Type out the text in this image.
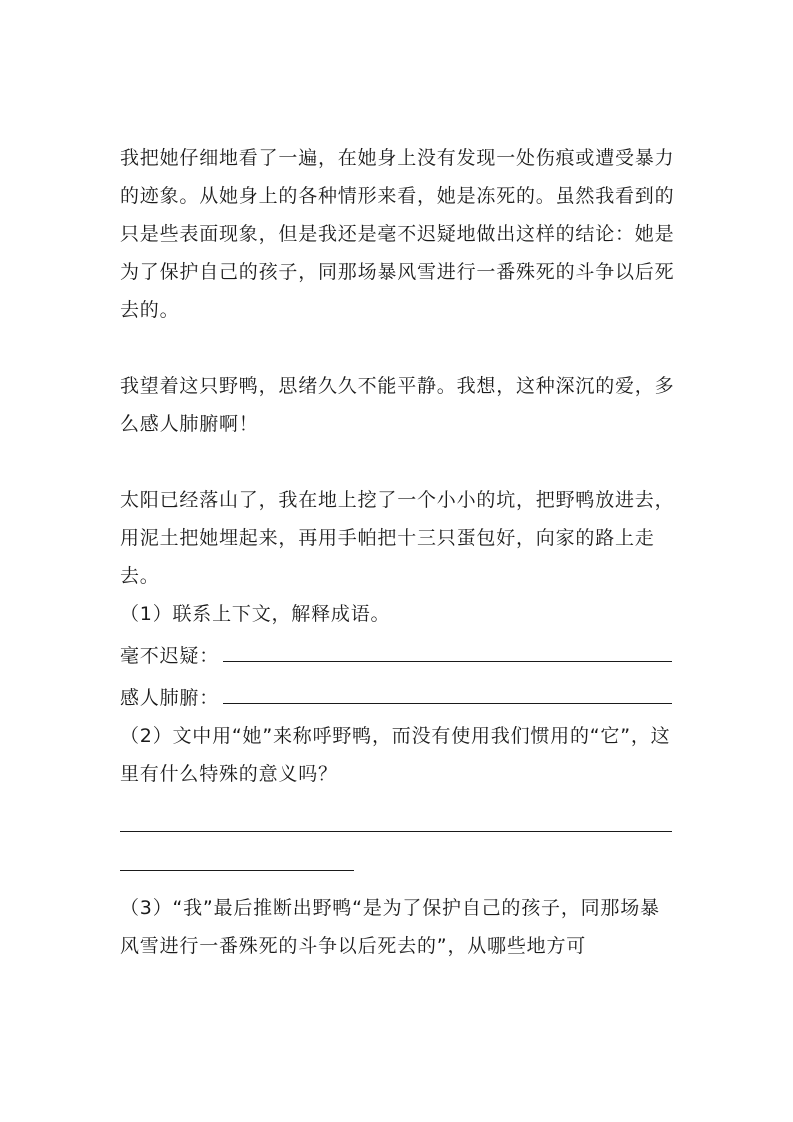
我把她仔细地看了一遍，在她身上没有发现一处伤痕或遭受暴力的迹象。从她身上的各种情形来看，她是冻死的。虽然我看到的只是些表面现象，但是我还是毫不迟疑地做出这样的结论：她是为了保护自己的孩子，同那场暴风雪进行一番殊死的斗争以后死去的。

我望着这只野鸭，思绪久久不能平静。我想，这种深沉的爱，多么感人肺腑啊！

太阳已经落山了，我在地上挖了一个小小的坑，把野鸭放进去，用泥土把她埋起来，再用手帕把十三只蛋包好，向家的路上走去。

（1）联系上下文，解释成语。

毫不迟疑：
感人肺腑：

（2）文中用“她”来称呼野鸭，而没有使用我们惯用的“它”，这里有什么特殊的意义吗？

（3）“我”最后推断出野鸭“是为了保护自己的孩子，同那场暴风雪进行一番殊死的斗争以后死去的”，从哪些地方可
